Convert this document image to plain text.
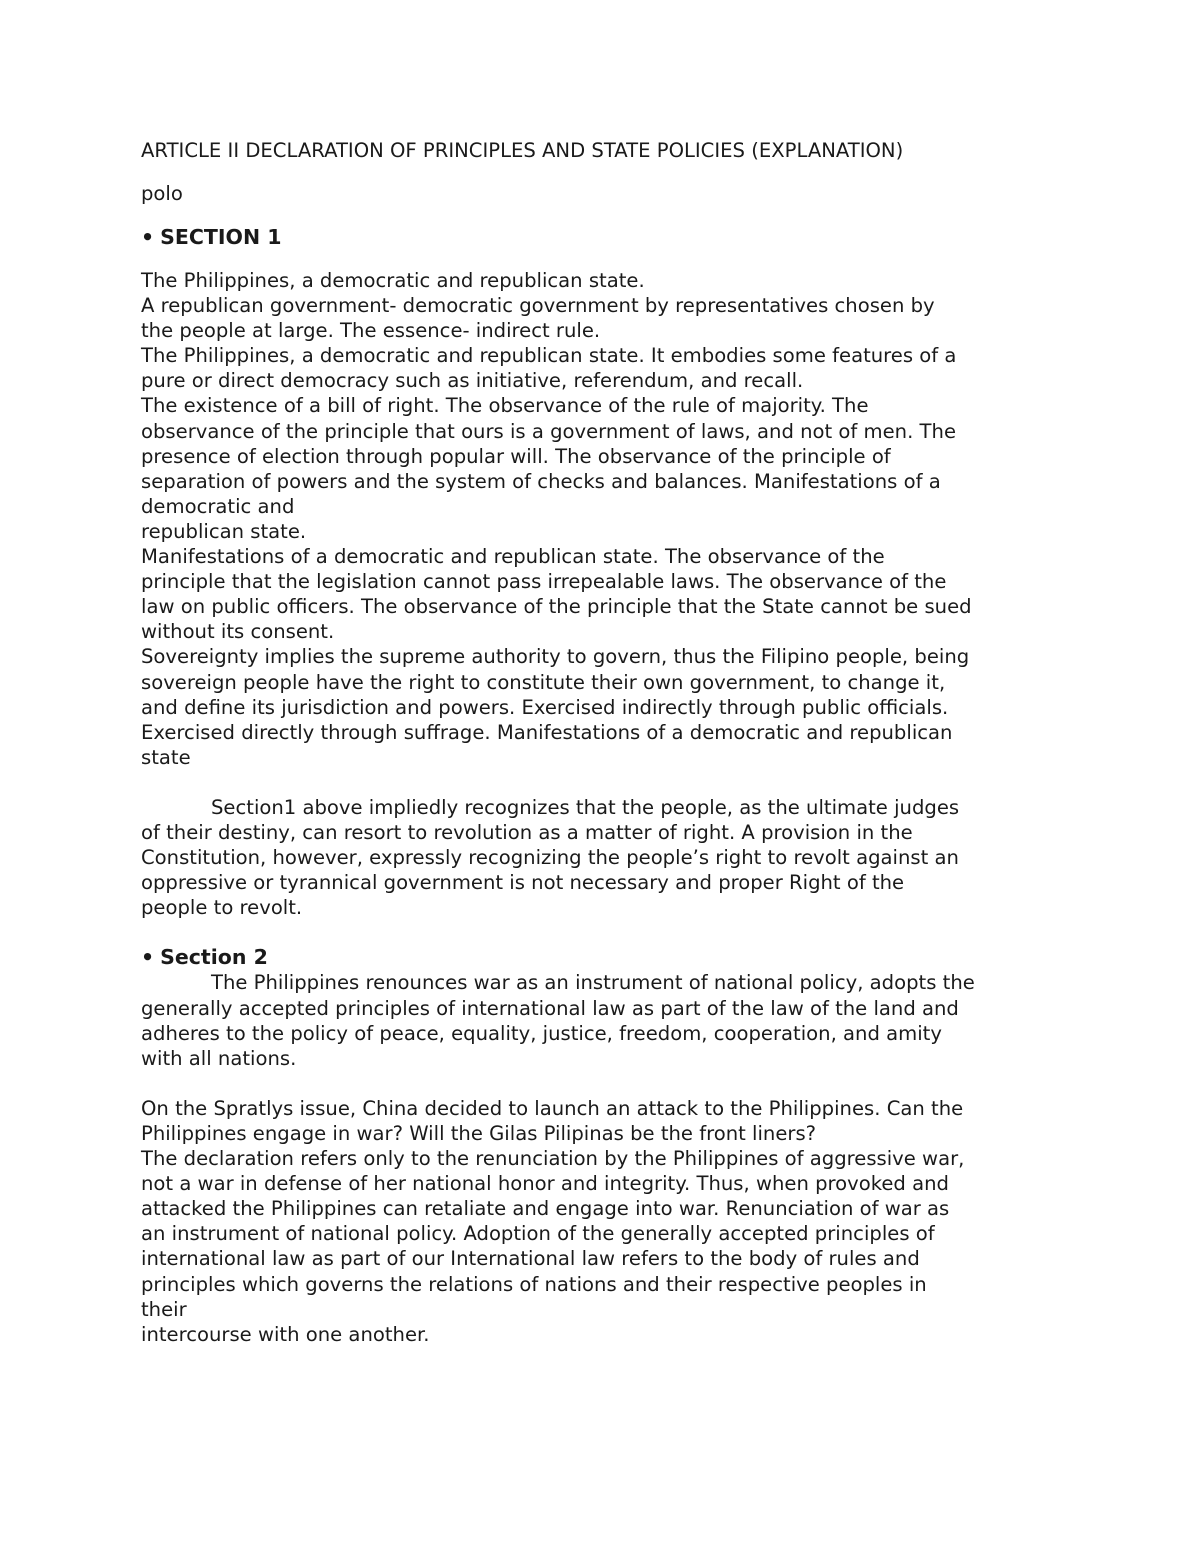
ARTICLE II DECLARATION OF PRINCIPLES AND STATE POLICIES (EXPLANATION)

polo

• SECTION 1

The Philippines, a democratic and republican state.
A republican government- democratic government by representatives chosen by
the people at large. The essence- indirect rule.
The Philippines, a democratic and republican state. It embodies some features of a
pure or direct democracy such as initiative, referendum, and recall.
The existence of a bill of right. The observance of the rule of majority. The
observance of the principle that ours is a government of laws, and not of men. The
presence of election through popular will. The observance of the principle of
separation of powers and the system of checks and balances. Manifestations of a
democratic and
republican state.
Manifestations of a democratic and republican state. The observance of the
principle that the legislation cannot pass irrepealable laws. The observance of the
law on public officers. The observance of the principle that the State cannot be sued
without its consent.
Sovereignty implies the supreme authority to govern, thus the Filipino people, being
sovereign people have the right to constitute their own government, to change it,
and define its jurisdiction and powers. Exercised indirectly through public officials.
Exercised directly through suffrage. Manifestations of a democratic and republican
state
Section1 above impliedly recognizes that the people, as the ultimate judges
of their destiny, can resort to revolution as a matter of right. A provision in the
Constitution, however, expressly recognizing the people’s right to revolt against an
oppressive or tyrannical government is not necessary and proper Right of the
people to revolt.

• Section 2

The Philippines renounces war as an instrument of national policy, adopts the
generally accepted principles of international law as part of the law of the land and
adheres to the policy of peace, equality, justice, freedom, cooperation, and amity
with all nations.
On the Spratlys issue, China decided to launch an attack to the Philippines. Can the
Philippines engage in war? Will the Gilas Pilipinas be the front liners?
The declaration refers only to the renunciation by the Philippines of aggressive war,
not a war in defense of her national honor and integrity. Thus, when provoked and
attacked the Philippines can retaliate and engage into war. Renunciation of war as
an instrument of national policy. Adoption of the generally accepted principles of
international law as part of our International law refers to the body of rules and
principles which governs the relations of nations and their respective peoples in
their
intercourse with one another.
